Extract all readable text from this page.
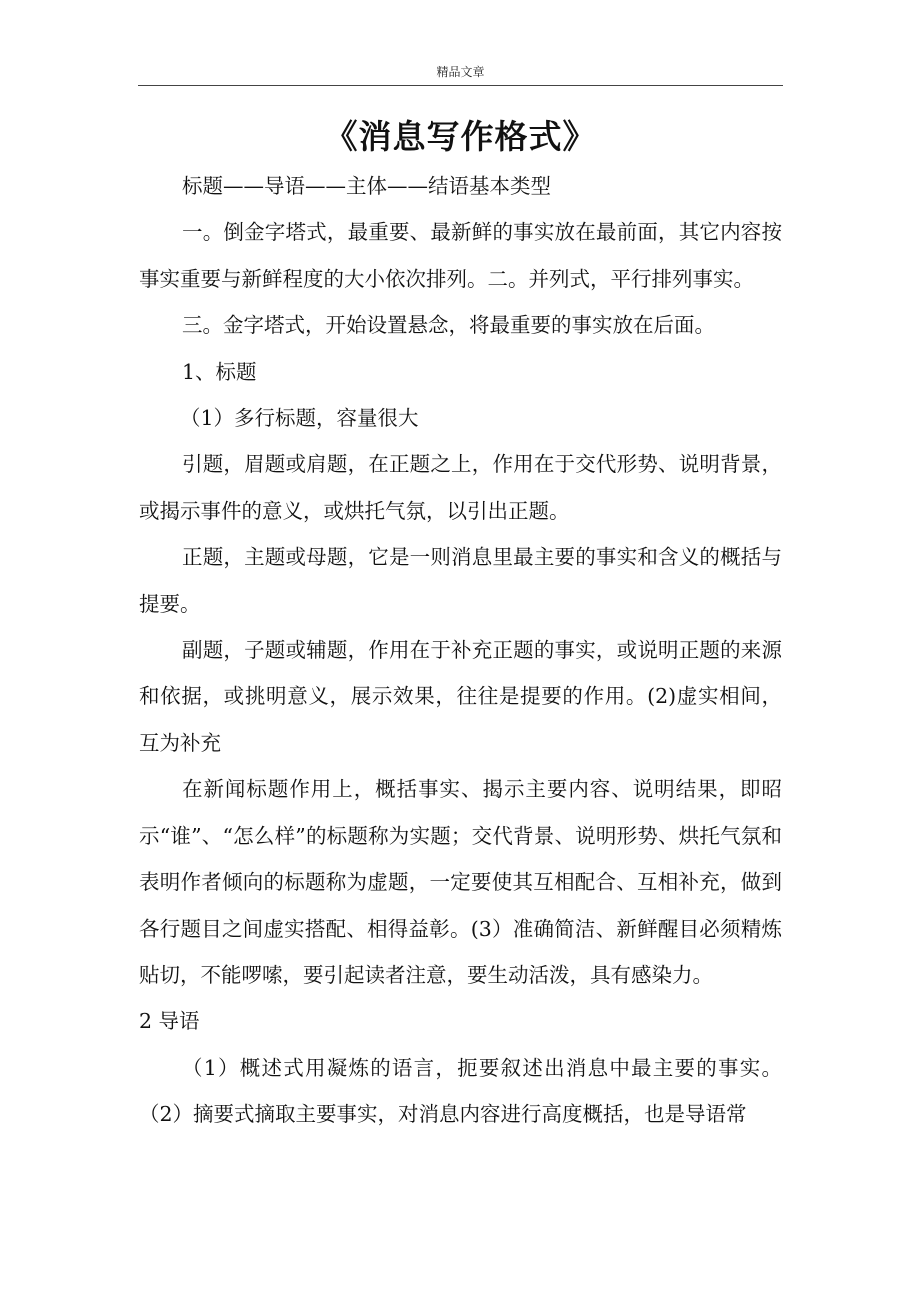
精品文章
《消息写作格式》

标题——导语——主体——结语基本类型

一。倒金字塔式，最重要、最新鲜的事实放在最前面，其它内容按事实重要与新鲜程度的大小依次排列。二。并列式，平行排列事实。

三。金字塔式，开始设置悬念，将最重要的事实放在后面。

1、标题

（1）多行标题，容量很大

引题，眉题或肩题，在正题之上，作用在于交代形势、说明背景，或揭示事件的意义，或烘托气氛，以引出正题。

正题，主题或母题，它是一则消息里最主要的事实和含义的概括与提要。

副题，子题或辅题，作用在于补充正题的事实，或说明正题的来源和依据，或挑明意义，展示效果，往往是提要的作用。(2)虚实相间，互为补充

在新闻标题作用上，概括事实、揭示主要内容、说明结果，即昭示“谁”、“怎么样”的标题称为实题；交代背景、说明形势、烘托气氛和表明作者倾向的标题称为虚题，一定要使其互相配合、互相补充，做到各行题目之间虚实搭配、相得益彰。(3）准确简洁、新鲜醒目必须精炼贴切，不能啰嗦，要引起读者注意，要生动活泼，具有感染力。

2 导语

（1）概述式用凝炼的语言，扼要叙述出消息中最主要的事实。（2）摘要式摘取主要事实，对消息内容进行高度概括，也是导语常
